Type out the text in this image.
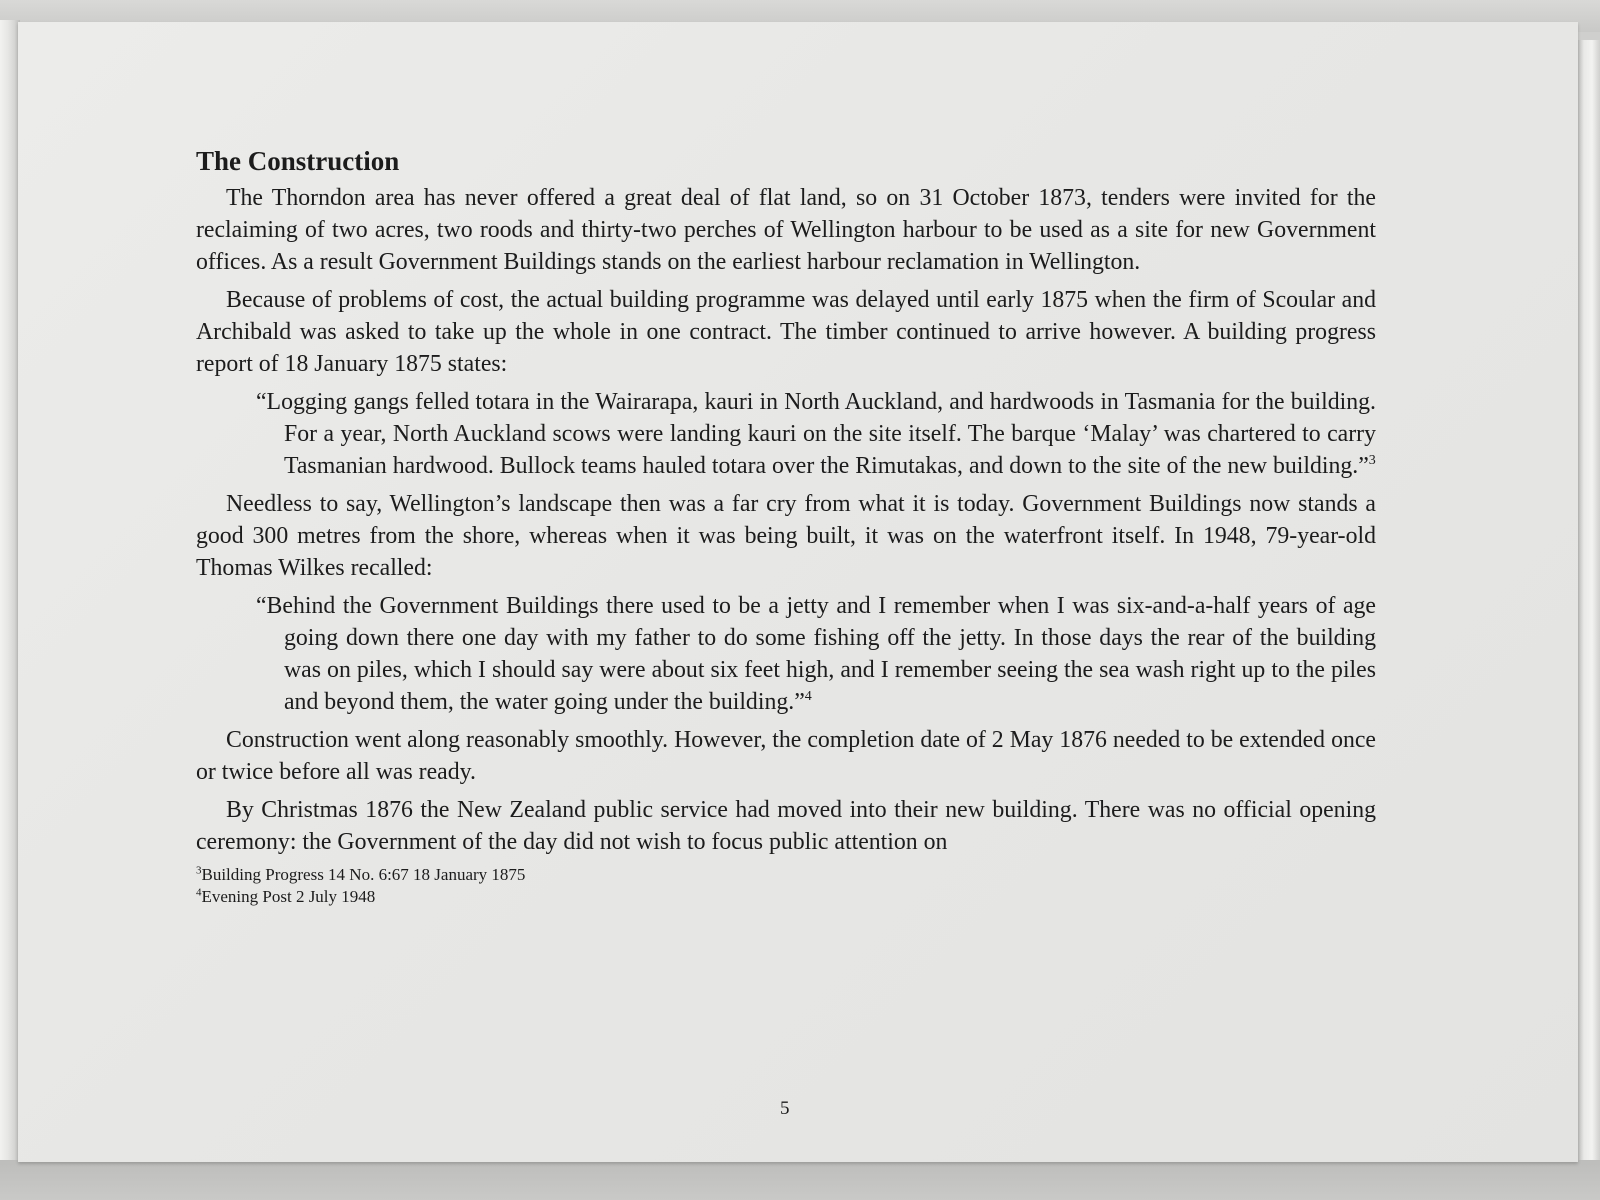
The Construction

The Thorndon area has never offered a great deal of flat land, so on 31 October 1873, tenders were invited for the reclaiming of two acres, two roods and thirty-two perches of Wellington harbour to be used as a site for new Government offices. As a result Government Buildings stands on the earliest harbour reclamation in Wellington.

Because of problems of cost, the actual building programme was delayed until early 1875 when the firm of Scoular and Archibald was asked to take up the whole in one contract. The timber continued to arrive however. A building progress report of 18 January 1875 states:

“Logging gangs felled totara in the Wairarapa, kauri in North Auckland, and hardwoods in Tasmania for the building. For a year, North Auckland scows were landing kauri on the site itself. The barque ‘Malay’ was chartered to carry Tasmanian hardwood. Bullock teams hauled totara over the Rimutakas, and down to the site of the new building.”$^3$

Needless to say, Wellington’s landscape then was a far cry from what it is today. Government Buildings now stands a good 300 metres from the shore, whereas when it was being built, it was on the waterfront itself. In 1948, 79-year-old Thomas Wilkes recalled:

“Behind the Government Buildings there used to be a jetty and I remember when I was six-and-a-half years of age going down there one day with my father to do some fishing off the jetty. In those days the rear of the building was on piles, which I should say were about six feet high, and I remember seeing the sea wash right up to the piles and beyond them, the water going under the building.”$^4$

Construction went along reasonably smoothly. However, the completion date of 2 May 1876 needed to be extended once or twice before all was ready.

By Christmas 1876 the New Zealand public service had moved into their new building. There was no official opening ceremony: the Government of the day did not wish to focus public attention on

$^3$Building Progress 14 No. 6:67 18 January 1875
$^4$Evening Post 2 July 1948
5
